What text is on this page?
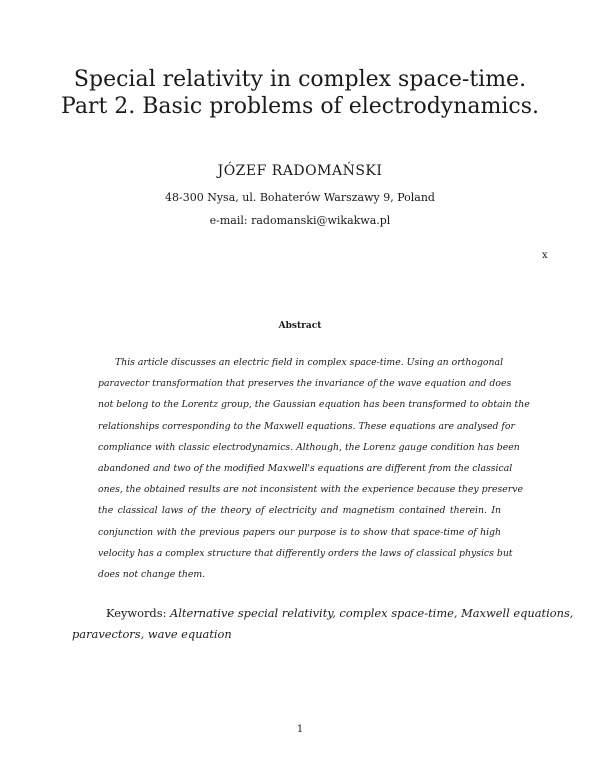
Special relativity in complex space-time.
Part 2. Basic problems of electrodynamics.

JÓZEF RADOMAŃSKI

48-300 Nysa, ul. Bohaterów Warszawy 9, Poland

e-mail: radomanski@wikakwa.pl

x

Abstract

This article discusses an electric field in complex space-time. Using an orthogonal
paravector transformation that preserves the invariance of the wave equation and does
not belong to the Lorentz group, the Gaussian equation has been transformed to obtain the
relationships corresponding to the Maxwell equations. These equations are analysed for
compliance with classic electrodynamics. Although, the Lorenz gauge condition has been
abandoned and two of the modified Maxwell's equations are different from the classical
ones, the obtained results are not inconsistent with the experience because they preserve
the classical laws of the theory of electricity and magnetism contained therein. In
conjunction with the previous papers our purpose is to show that space-time of high
velocity has a complex structure that differently orders the laws of classical physics but
does not change them.

Keywords: Alternative special relativity, complex space-time, Maxwell equations,

paravectors, wave equation

1
